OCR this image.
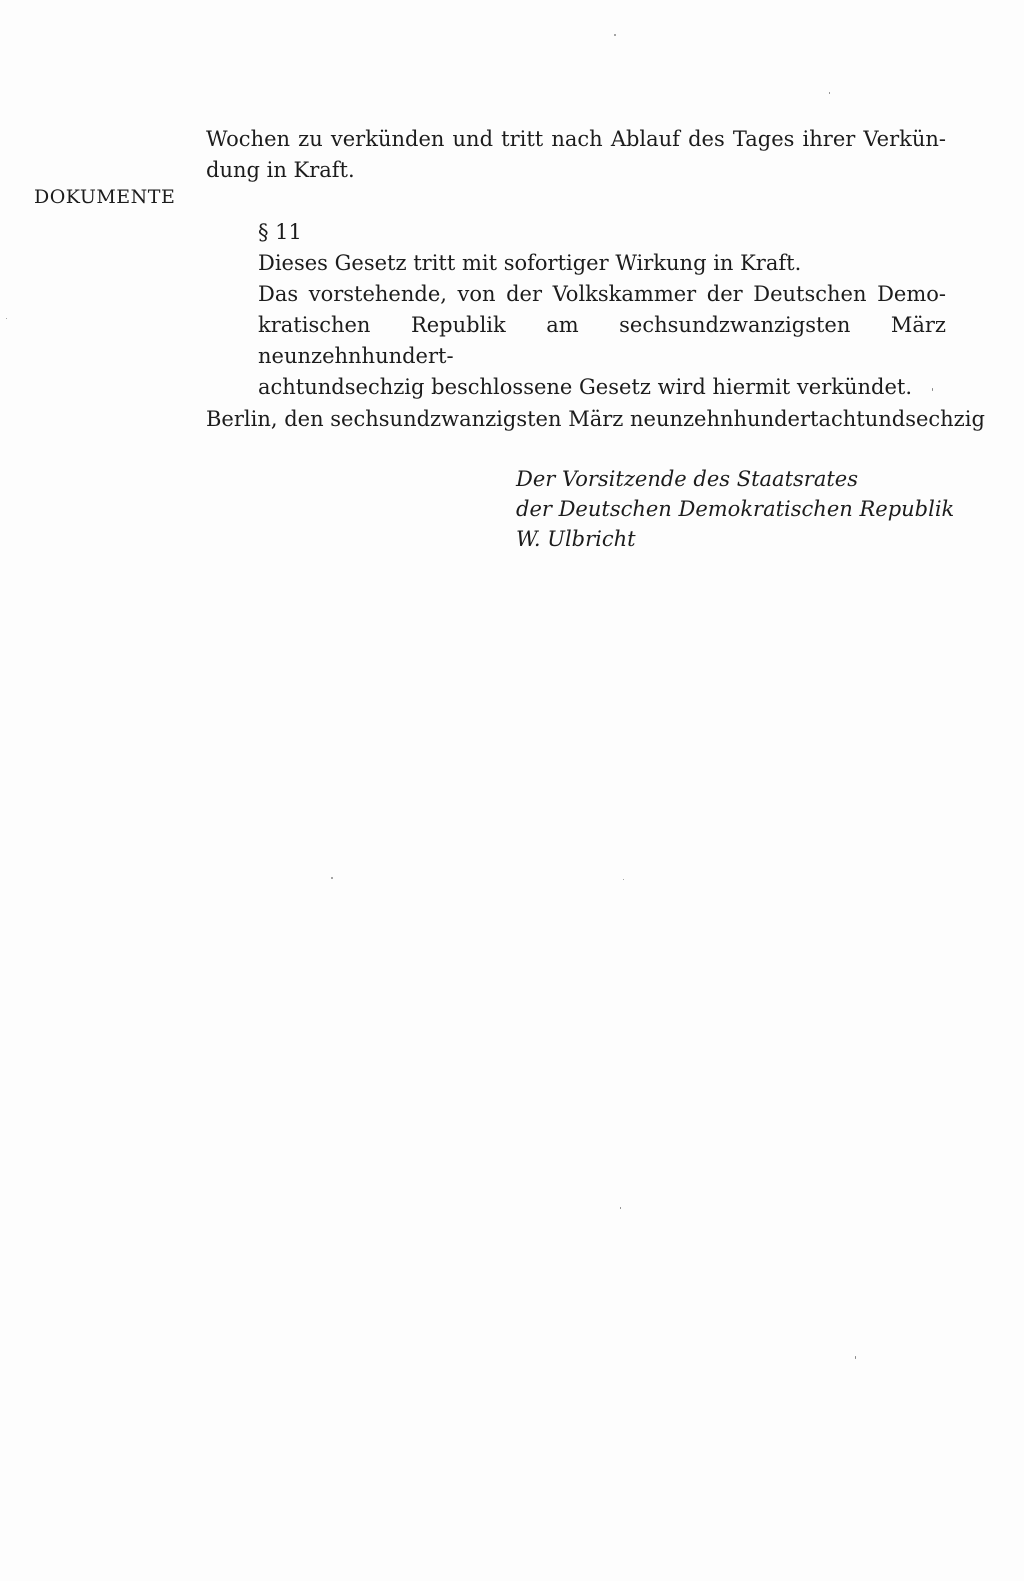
DOKUMENTE
Wochen zu verkünden und tritt nach Ablauf des Tages ihrer Verkün-
dung in Kraft.
§ 11
Dieses Gesetz tritt mit sofortiger Wirkung in Kraft.
Das vorstehende, von der Volkskammer der Deutschen Demo-
kratischen Republik am sechsundzwanzigsten März neunzehnhundert-
achtundsechzig beschlossene Gesetz wird hiermit verkündet.
Berlin, den sechsundzwanzigsten März neunzehnhundertachtundsechzig
Der Vorsitzende des Staatsrates
der Deutschen Demokratischen Republik
W. Ulbricht
